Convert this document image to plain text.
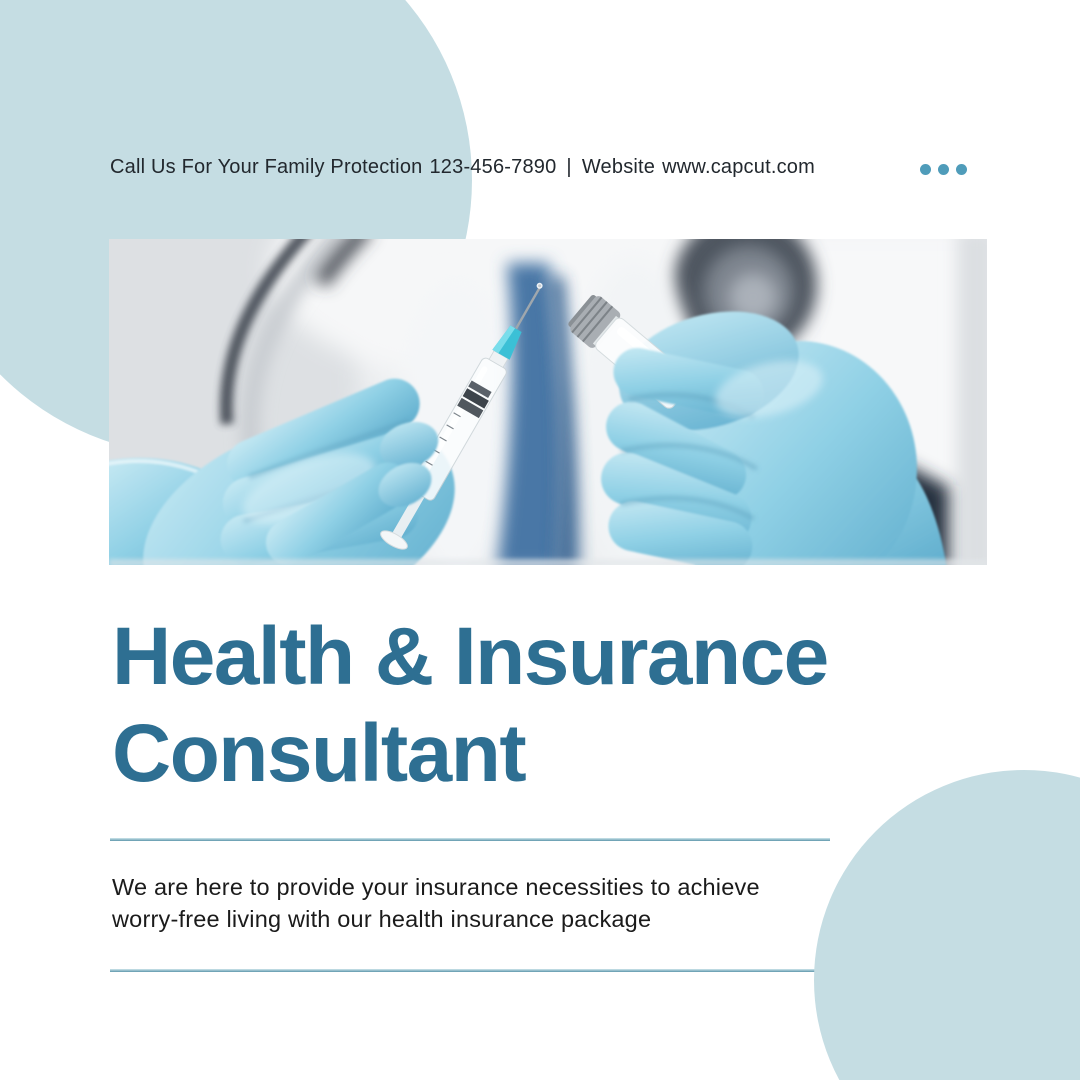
Call Us For Your Family Protection 123-456-7890 | Website www.capcut.com
Health & Insurance
Consultant
We are here to provide your insurance necessities to achieve worry-free living with our health insurance package
